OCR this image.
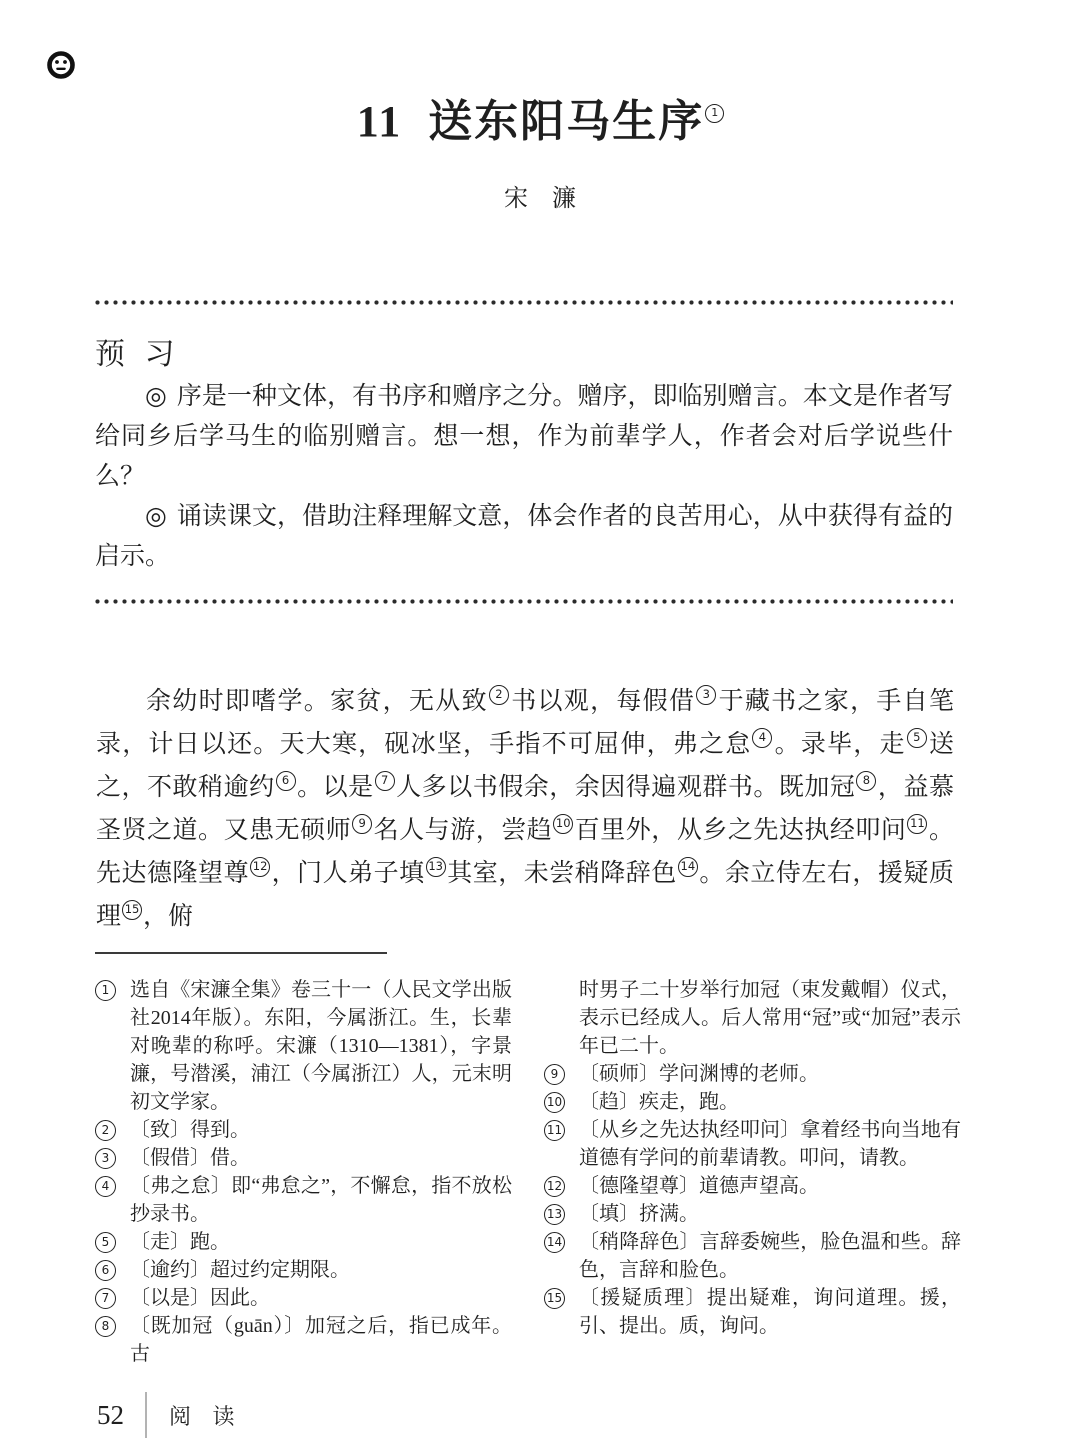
11 送东阳马生序 1
宋　濂
预 习

◎ 序是一种文体，有书序和赠序之分。赠序，即临别赠言。本文是作者写给同乡后学马生的临别赠言。想一想，作为前辈学人，作者会对后学说些什么？

◎ 诵读课文，借助注释理解文意，体会作者的良苦用心，从中获得有益的启示。

余幼时即嗜学。家贫，无从致 2 书以观，每假借 3 于藏书之家，手自笔录，计日以还。天大寒，砚冰坚，手指不可屈伸，弗之怠 4 。录毕，走 5 送之，不敢稍逾约 6 。以是 7 人多以书假余，余因得遍观群书。既加冠 8 ，益慕圣贤之道。又患无硕师 9 名人与游，尝趋 10 百里外，从乡之先达执经叩问 11 。先达德隆望尊 12 ，门人弟子填 13 其室，未尝稍降辞色 14 。余立侍左右，援疑质理 15 ，俯
1	选自《宋濂全集》卷三十一（人民文学出版社2014年版）。东阳，今属浙江。生，长辈对晚辈的称呼。宋濂（1310—1381），字景濂，号潜溪，浦江（今属浙江）人，元末明初文学家。
2	〔致〕得到。
3	〔假借〕借。
4	〔弗之怠〕即“弗怠之”，不懈怠，指不放松抄录书。
5	〔走〕跑。
6	〔逾约〕超过约定期限。
7	〔以是〕因此。
8	〔既加冠（guān）〕加冠之后，指已成年。古
时男子二十岁举行加冠（束发戴帽）仪式，表示已经成人。后人常用“冠”或“加冠”表示年已二十。
9	〔硕师〕学问渊博的老师。
10 〔趋〕疾走，跑。
11 〔从乡之先达执经叩问〕拿着经书向当地有道德有学问的前辈请教。叩问，请教。
12 〔德隆望尊〕道德声望高。
13 〔填〕挤满。
14 〔稍降辞色〕言辞委婉些，脸色温和些。辞色，言辞和脸色。
15 〔援疑质理〕提出疑难，询问道理。援，引、提出。质，询问。
52 阅 读
